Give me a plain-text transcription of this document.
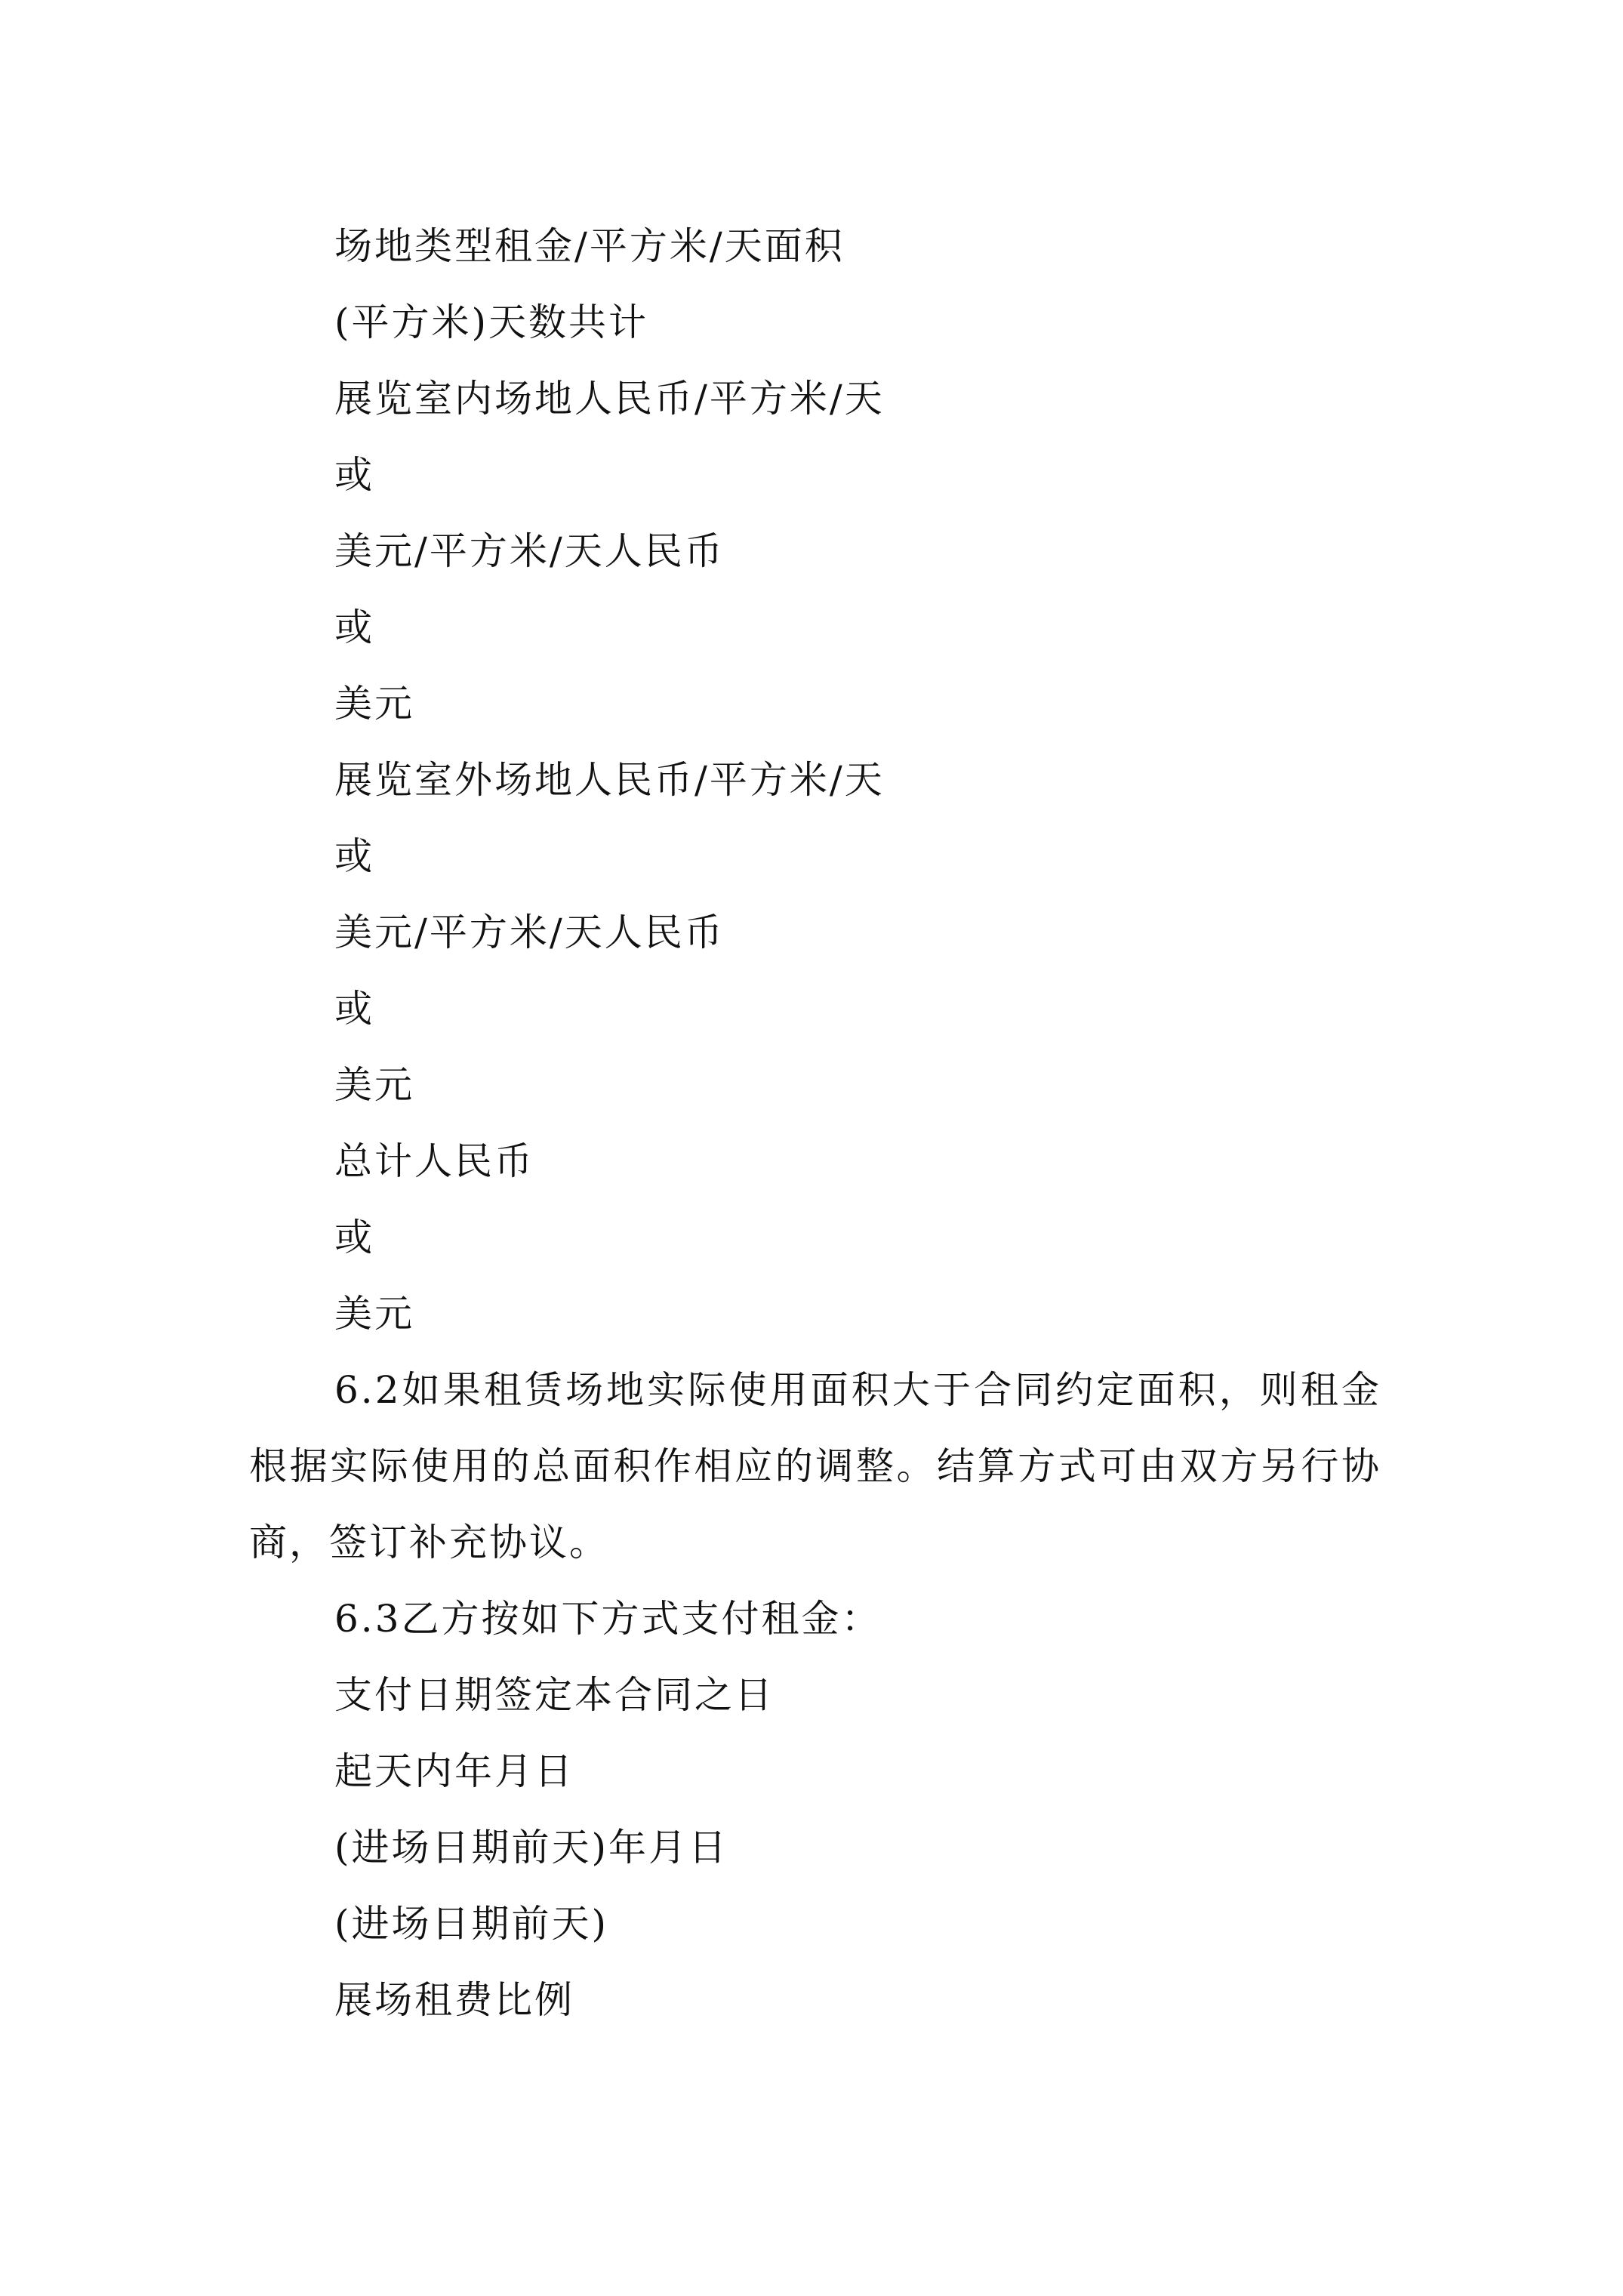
场地类型租金/平方米/天面积
(平方米)天数共计
展览室内场地人民币/平方米/天
或
美元/平方米/天人民币
或
美元
展览室外场地人民币/平方米/天
或
美元/平方米/天人民币
或
美元
总计人民币
或
美元
6.2如果租赁场地实际使用面积大于合同约定面积，则租金根据实际使用的总面积作相应的调整。结算方式可由双方另行协商，签订补充协议。
6.3乙方按如下方式支付租金：
支付日期签定本合同之日
起天内年月日
(进场日期前天)年月日
(进场日期前天)
展场租费比例
